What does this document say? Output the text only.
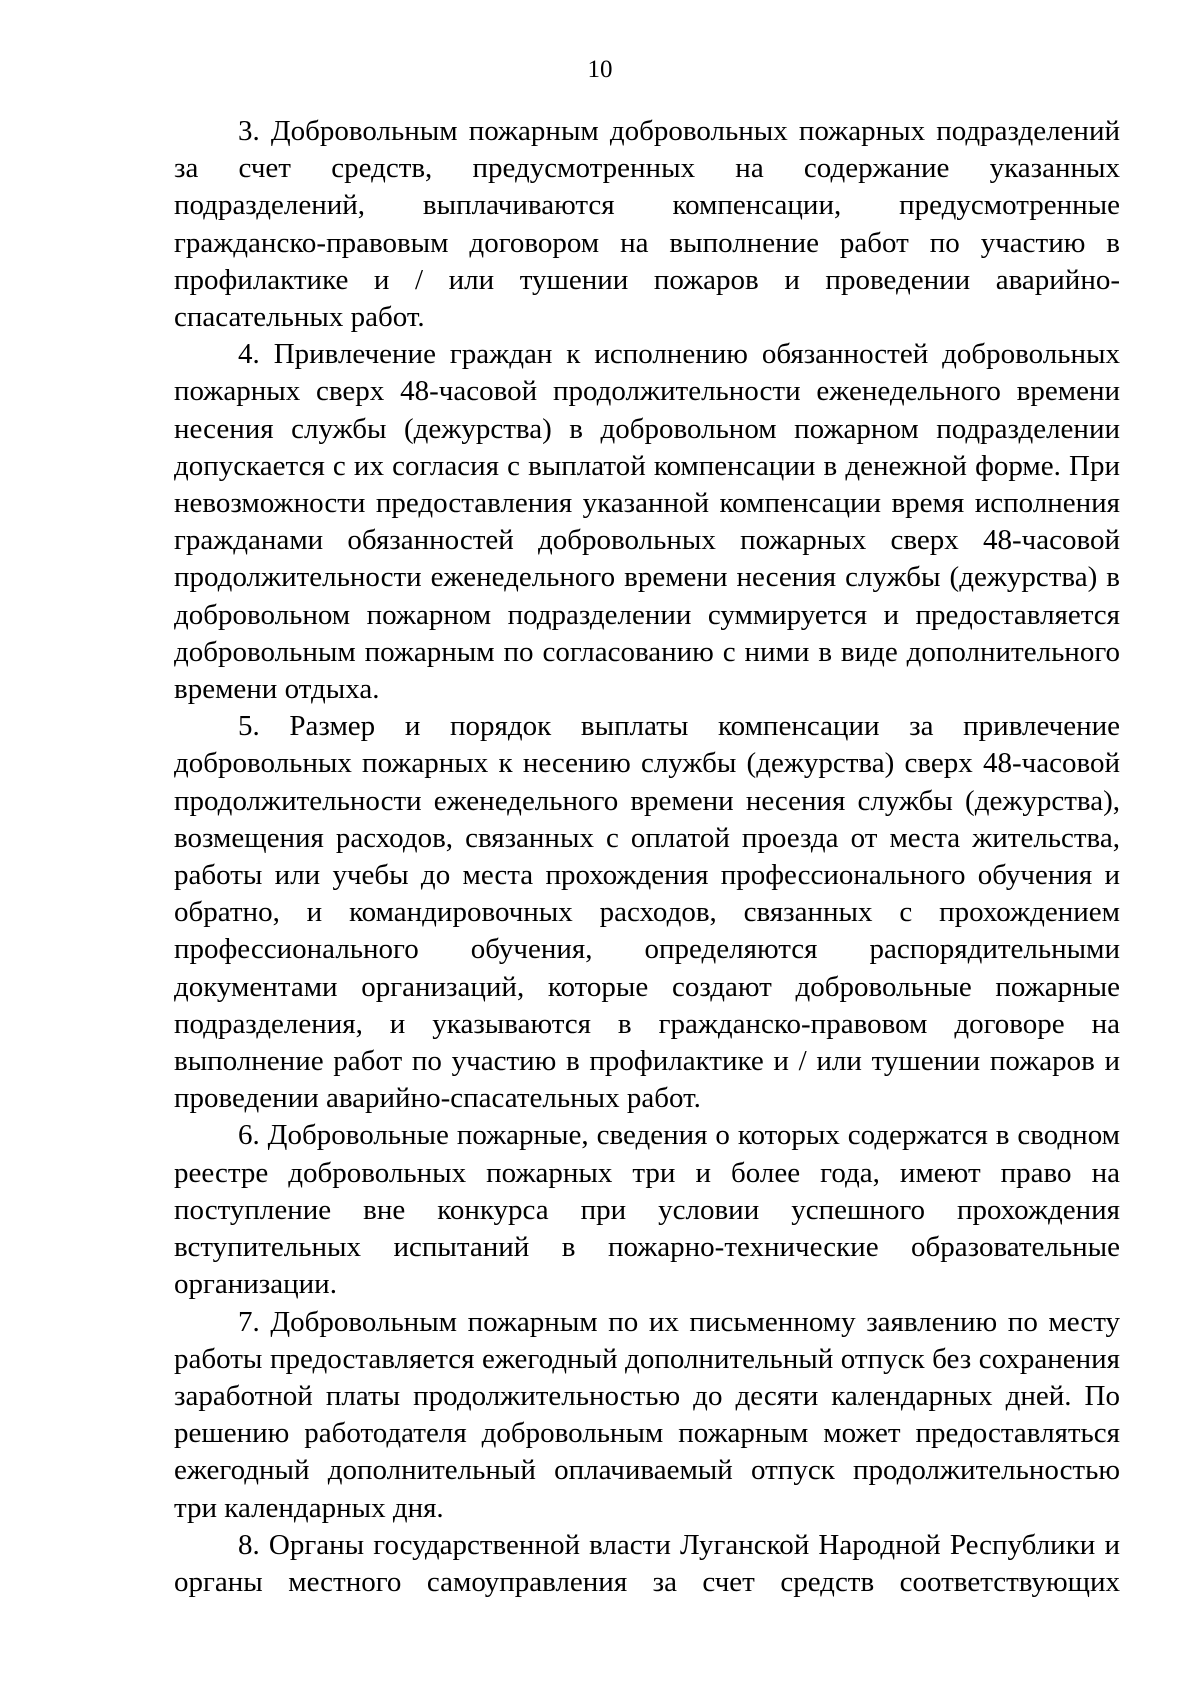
10

3. Добровольным пожарным добровольных пожарных подразделений за счет средств, предусмотренных на содержание указанных подразделений, выплачиваются компенсации, предусмотренные гражданско-правовым договором на выполнение работ по участию в профилактике и / или тушении пожаров и проведении аварийно-спасательных работ.

4. Привлечение граждан к исполнению обязанностей добровольных пожарных сверх 48-часовой продолжительности еженедельного времени несения службы (дежурства) в добровольном пожарном подразделении допускается с их согласия с выплатой компенсации в денежной форме. При невозможности предоставления указанной компенсации время исполнения гражданами обязанностей добровольных пожарных сверх 48-часовой продолжительности еженедельного времени несения службы (дежурства) в добровольном пожарном подразделении суммируется и предоставляется добровольным пожарным по согласованию с ними в виде дополнительного времени отдыха.

5. Размер и порядок выплаты компенсации за привлечение добровольных пожарных к несению службы (дежурства) сверх 48-часовой продолжительности еженедельного времени несения службы (дежурства), возмещения расходов, связанных с оплатой проезда от места жительства, работы или учебы до места прохождения профессионального обучения и обратно, и командировочных расходов, связанных с прохождением профессионального обучения, определяются распорядительными документами организаций, которые создают добровольные пожарные подразделения, и указываются в гражданско-правовом договоре на выполнение работ по участию в профилактике и / или тушении пожаров и проведении аварийно-спасательных работ.

6. Добровольные пожарные, сведения о которых содержатся в сводном реестре добровольных пожарных три и более года, имеют право на поступление вне конкурса при условии успешного прохождения вступительных испытаний в пожарно-технические образовательные организации.

7. Добровольным пожарным по их письменному заявлению по месту работы предоставляется ежегодный дополнительный отпуск без сохранения заработной платы продолжительностью до десяти календарных дней. По решению работодателя добровольным пожарным может предоставляться ежегодный дополнительный оплачиваемый отпуск продолжительностью три календарных дня.

8. Органы государственной власти Луганской Народной Республики и органы местного самоуправления за счет средств соответствующих
